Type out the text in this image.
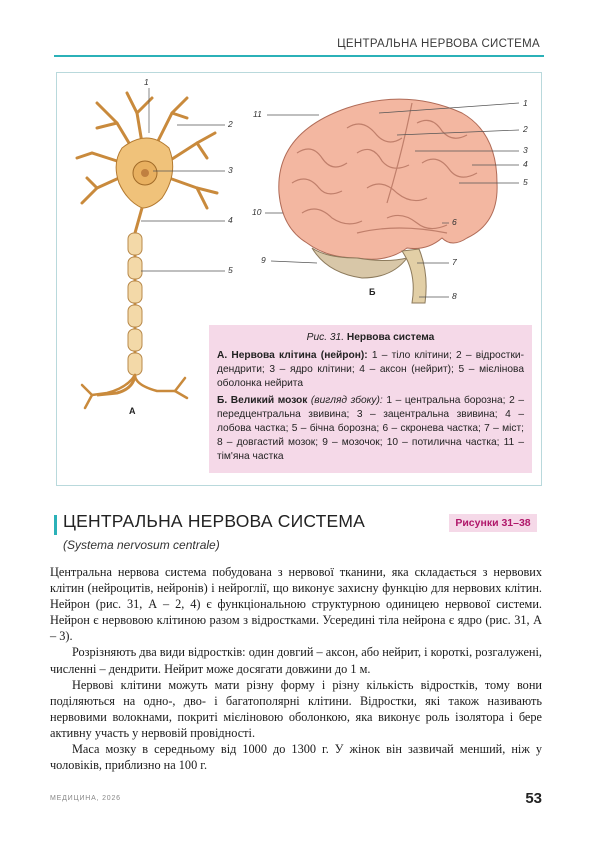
ЦЕНТРАЛЬНА НЕРВОВА СИСТЕМА
1
2
3
4
5
А
1
2
3
4
5
6
7
8
9
10
11
Б
Рис. 31. Нервова система
А. Нервова клітина (нейрон): 1 – тіло клітини; 2 – відростки-дендрити; 3 – ядро клітини; 4 – аксон (нейрит); 5 – мієлінова оболонка нейрита
Б. Великий мозок (вигляд збоку): 1 – центральна борозна; 2 – передцентральна звивина; 3 – зацентральна звивина; 4 – лобова частка; 5 – бічна борозна; 6 – скронева частка; 7 – міст; 8 – довгастий мозок; 9 – мозочок; 10 – потилична частка; 11 – тім'яна частка
ЦЕНТРАЛЬНА НЕРВОВА СИСТЕМА	Рисунки 31–38
(Systema nervosum centrale)

Центральна нервова система побудована з нервової тканини, яка складається з нервових клітин (нейроцитів, нейронів) і нейроглії, що виконує захисну функцію для нервових клітин. Нейрон (рис. 31, А – 2, 4) є функціональною структурною одиницею нервової системи. Нейрон є нервовою клітиною разом з відростками. Усередині тіла нейрона є ядро (рис. 31, А – 3).

Розрізняють два види відростків: один довгий – аксон, або нейрит, і короткі, розгалужені, численні – дендрити. Нейрит може досягати довжини до 1 м.

Нервові клітини можуть мати різну форму і різну кількість відростків, тому вони поділяються на одно-, дво- і багатополярні клітини. Відростки, які також називають нервовими волокнами, покриті мієліновою оболонкою, яка виконує роль ізолятора і бере активну участь у нервовій провідності.

Маса мозку в середньому від 1000 до 1300 г. У жінок він зазвичай менший, ніж у чоловіків, приблизно на 100 г.

МЕДИЦИНА, 2026	53
